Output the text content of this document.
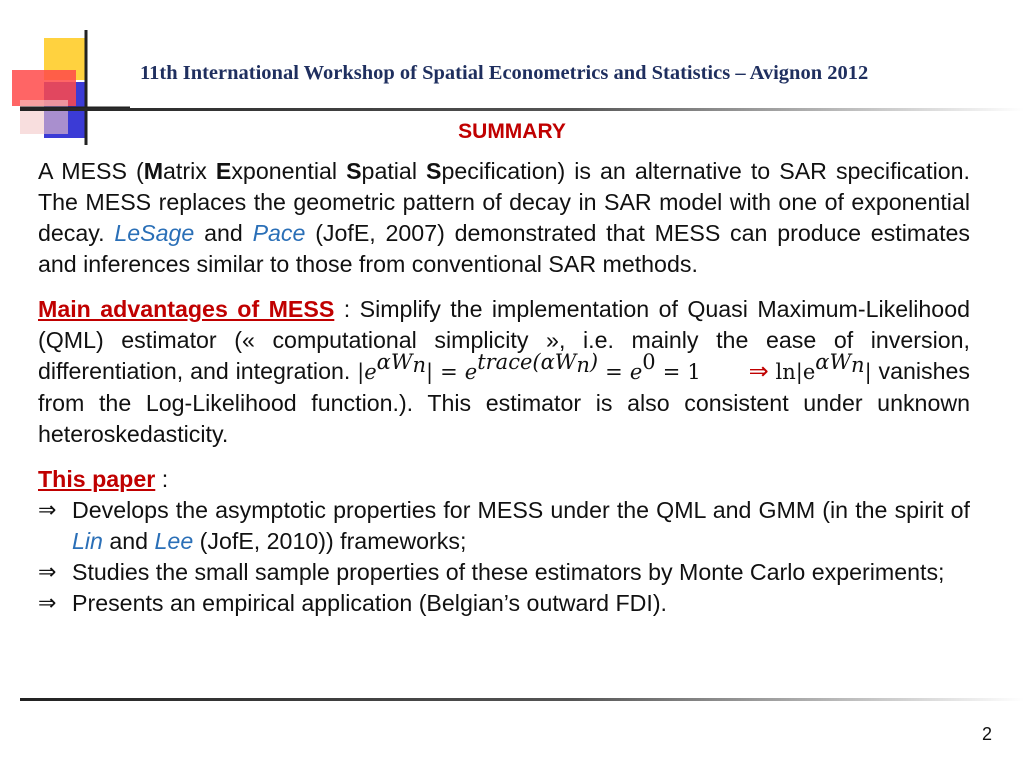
11th International Workshop of Spatial Econometrics and Statistics – Avignon 2012
SUMMARY

A MESS (Matrix Exponential Spatial Specification) is an alternative to SAR specification. The MESS replaces the geometric pattern of decay in SAR model with one of exponential decay. LeSage and Pace (JofE, 2007) demonstrated that MESS can produce estimates and inferences similar to those from conventional SAR methods.

Main advantages of MESS : Simplify the implementation of Quasi Maximum-Likelihood (QML) estimator (« computational simplicity », i.e. mainly the ease of inversion, differentiation, and integration. $|e^{\alpha W_n}| = e^{trace(\alpha W_n)} = e^0 = 1$ ⇒ $\ln|e^{\alpha W_n}|$ vanishes from the Log-Likelihood function.). This estimator is also consistent under unknown heteroskedasticity.

This paper :

⇒ Develops the asymptotic properties for MESS under the QML and GMM (in the spirit of Lin and Lee (JofE, 2010)) frameworks;
⇒ Studies the small sample properties of these estimators by Monte Carlo experiments;
⇒ Presents an empirical application (Belgian’s outward FDI).
2
